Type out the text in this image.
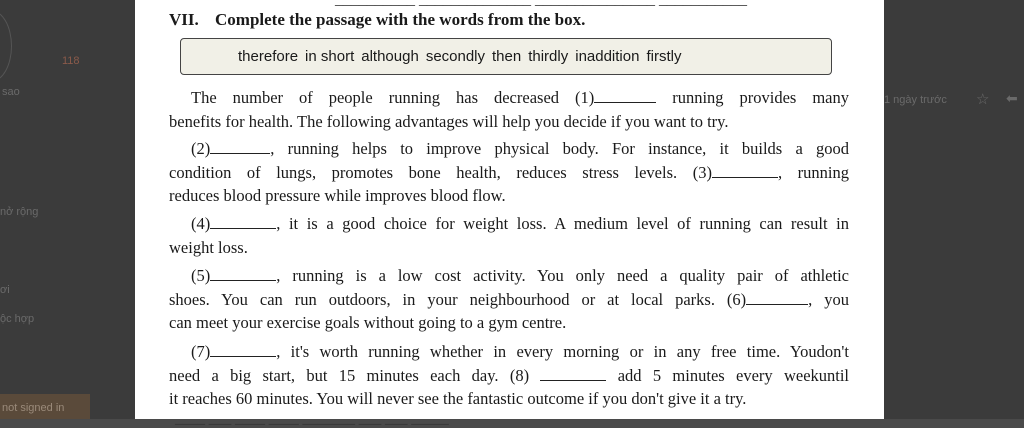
118
sao
nở rộng
ơi
ộc hợp
not signed in
1 ngày trước ☆ ⬅
VII. Complete the passage with the words from the box.
therefore in short although secondly then thirdly inaddition firstly
The number of people running has decreased (1)	running provides many
benefits for health. The following advantages will help you decide if you want to try.
(2)	, running helps to improve physical body. For instance, it builds a good
condition of lungs, promotes bone health, reduces stress levels. (3)	, running
reduces blood pressure while improves blood flow.
(4)	, it is a good choice for weight loss. A medium level of running can result in
weight loss.
(5)	, running is a low cost activity. You only need a quality pair of athletic
shoes. You can run outdoors, in your neighbourhood or at local parks. (6)	, you
can meet your exercise goals without going to a gym centre.
(7)	, it's worth running whether in every morning or in any free time. Youdon't
need a big start, but 15 minutes each day. (8)	add 5 minutes every weekuntil
it reaches 60 minutes. You will never see the fantastic outcome if you don't give it a try.
____ ___ ____ ____ _______ ___ ___ _____
